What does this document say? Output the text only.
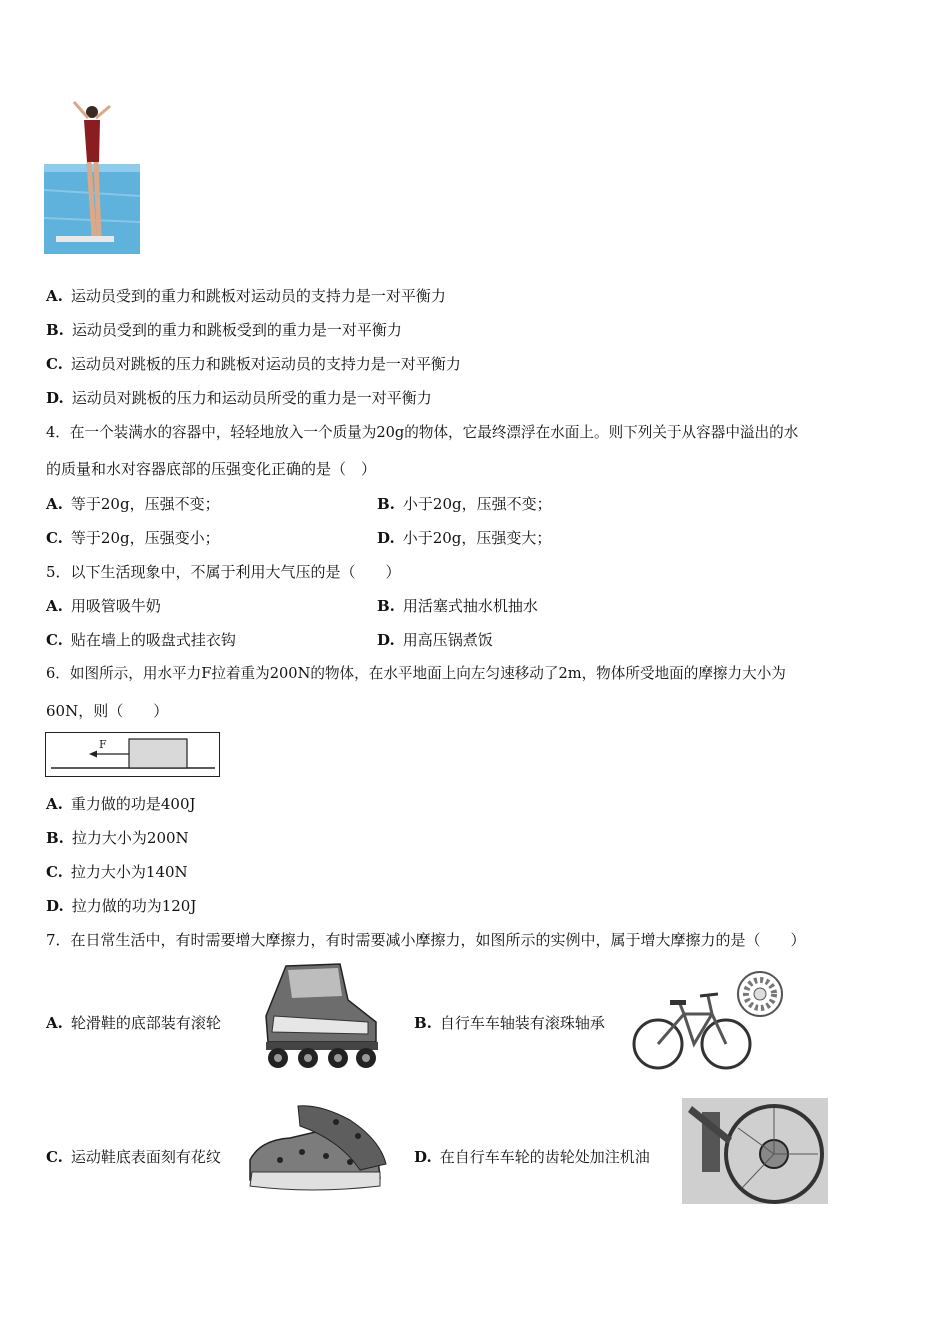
A. 运动员受到的重力和跳板对运动员的支持力是一对平衡力
B. 运动员受到的重力和跳板受到的重力是一对平衡力
C. 运动员对跳板的压力和跳板对运动员的支持力是一对平衡力
D. 运动员对跳板的压力和运动员所受的重力是一对平衡力
4．在一个装满水的容器中，轻轻地放入一个质量为20g的物体，它最终漂浮在水面上。则下列关于从容器中溢出的水
的质量和水对容器底部的压强变化正确的是（　）
A. 等于20g，压强不变；	B. 小于20g，压强不变；
C. 等于20g，压强变小；	D. 小于20g，压强变大；
5．以下生活现象中，不属于利用大气压的是（　　）
A. 用吸管吸牛奶	B. 用活塞式抽水机抽水
C. 贴在墙上的吸盘式挂衣钩	D. 用高压锅煮饭
6．如图所示，用水平力F拉着重为200N的物体，在水平地面上向左匀速移动了2m，物体所受地面的摩擦力大小为
60N，则（　　）
F
A. 重力做的功是400J
B. 拉力大小为200N
C. 拉力大小为140N
D. 拉力做的功为120J
7．在日常生活中，有时需要增大摩擦力，有时需要减小摩擦力，如图所示的实例中，属于增大摩擦力的是（　　）
A. 轮滑鞋的底部装有滚轮	B. 自行车车轴装有滚珠轴承
C. 运动鞋底表面刻有花纹	D. 在自行车车轮的齿轮处加注机油
